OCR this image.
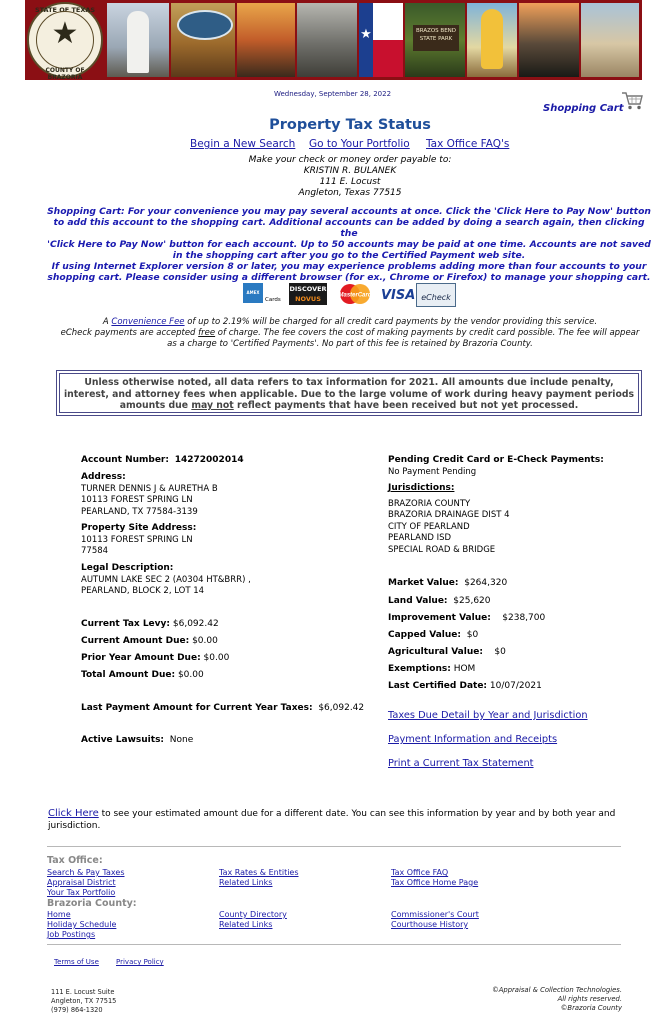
STATE OF TEXAS
★
COUNTY OF BRAZORIA
★	BRAZOS BEND STATE PARK
Wednesday, September 28, 2022
Shopping Cart
Property Tax Status
Begin a New Search Go to Your Portfolio Tax Office FAQ's
Make your check or money order payable to:
KRISTIN R. BULANEK
111 E. Locust
Angleton, Texas 77515
Shopping Cart: For your convenience you may pay several accounts at once. Click the 'Click Here to Pay Now' button
to add this account to the shopping cart. Additional accounts can be added by doing a search again, then clicking the
'Click Here to Pay Now' button for each account. Up to 50 accounts may be paid at one time. Accounts are not saved
in the shopping cart after you go to the Certified Payment web site.
If using Internet Explorer version 8 or later, you may experience problems adding more than four accounts to your
shopping cart. Please consider using a different browser (for ex., Chrome or Firefox) to manage your shopping cart.
AMEX
Cards
DISCOVER
NOVUS	MasterCard VISA eCheck
A Convenience Fee of up to 2.19% will be charged for all credit card payments by the vendor providing this service.
eCheck payments are accepted free of charge. The fee covers the cost of making payments by credit card possible. The fee will appear
as a charge to 'Certified Payments'. No part of this fee is retained by Brazoria County.
Unless otherwise noted, all data refers to tax information for 2021. All amounts due include penalty,
interest, and attorney fees when applicable. Due to the large volume of work during heavy payment periods
amounts due may not reflect payments that have been received but not yet processed.
Account Number: 14272002014
Address:
TURNER DENNIS J & AURETHA B
10113 FOREST SPRING LN
PEARLAND, TX 77584-3139
Property Site Address:
10113 FOREST SPRING LN
77584
Legal Description:
AUTUMN LAKE SEC 2 (A0304 HT&BRR) ,
PEARLAND, BLOCK 2, LOT 14
Current Tax Levy: $6,092.42
Current Amount Due: $0.00
Prior Year Amount Due: $0.00
Total Amount Due: $0.00
Last Payment Amount for Current Year Taxes: $6,092.42
Active Lawsuits: None
Pending Credit Card or E-Check Payments:
No Payment Pending
Jurisdictions:
BRAZORIA COUNTY
BRAZORIA DRAINAGE DIST 4
CITY OF PEARLAND
PEARLAND ISD
SPECIAL ROAD & BRIDGE
Market Value: $264,320
Land Value: $25,620
Improvement Value: $238,700
Capped Value: $0
Agricultural Value: $0
Exemptions: HOM
Last Certified Date: 10/07/2021
Taxes Due Detail by Year and Jurisdiction
Payment Information and Receipts
Print a Current Tax Statement
Click Here to see your estimated amount due for a different date. You can see this information by year and by both year and
jurisdiction.
Tax Office:
Search & Pay Taxes
Appraisal District
Your Tax Portfolio
Tax Rates & Entities
Related Links
Tax Office FAQ
Tax Office Home Page
Brazoria County:
Home
Holiday Schedule
Job Postings
County Directory
Related Links
Commissioner's Court
Courthouse History
Terms of Use Privacy Policy
111 E. Locust Suite
Angleton, TX 77515
(979) 864-1320
©Appraisal & Collection Technologies.
All rights reserved.
©Brazoria County
